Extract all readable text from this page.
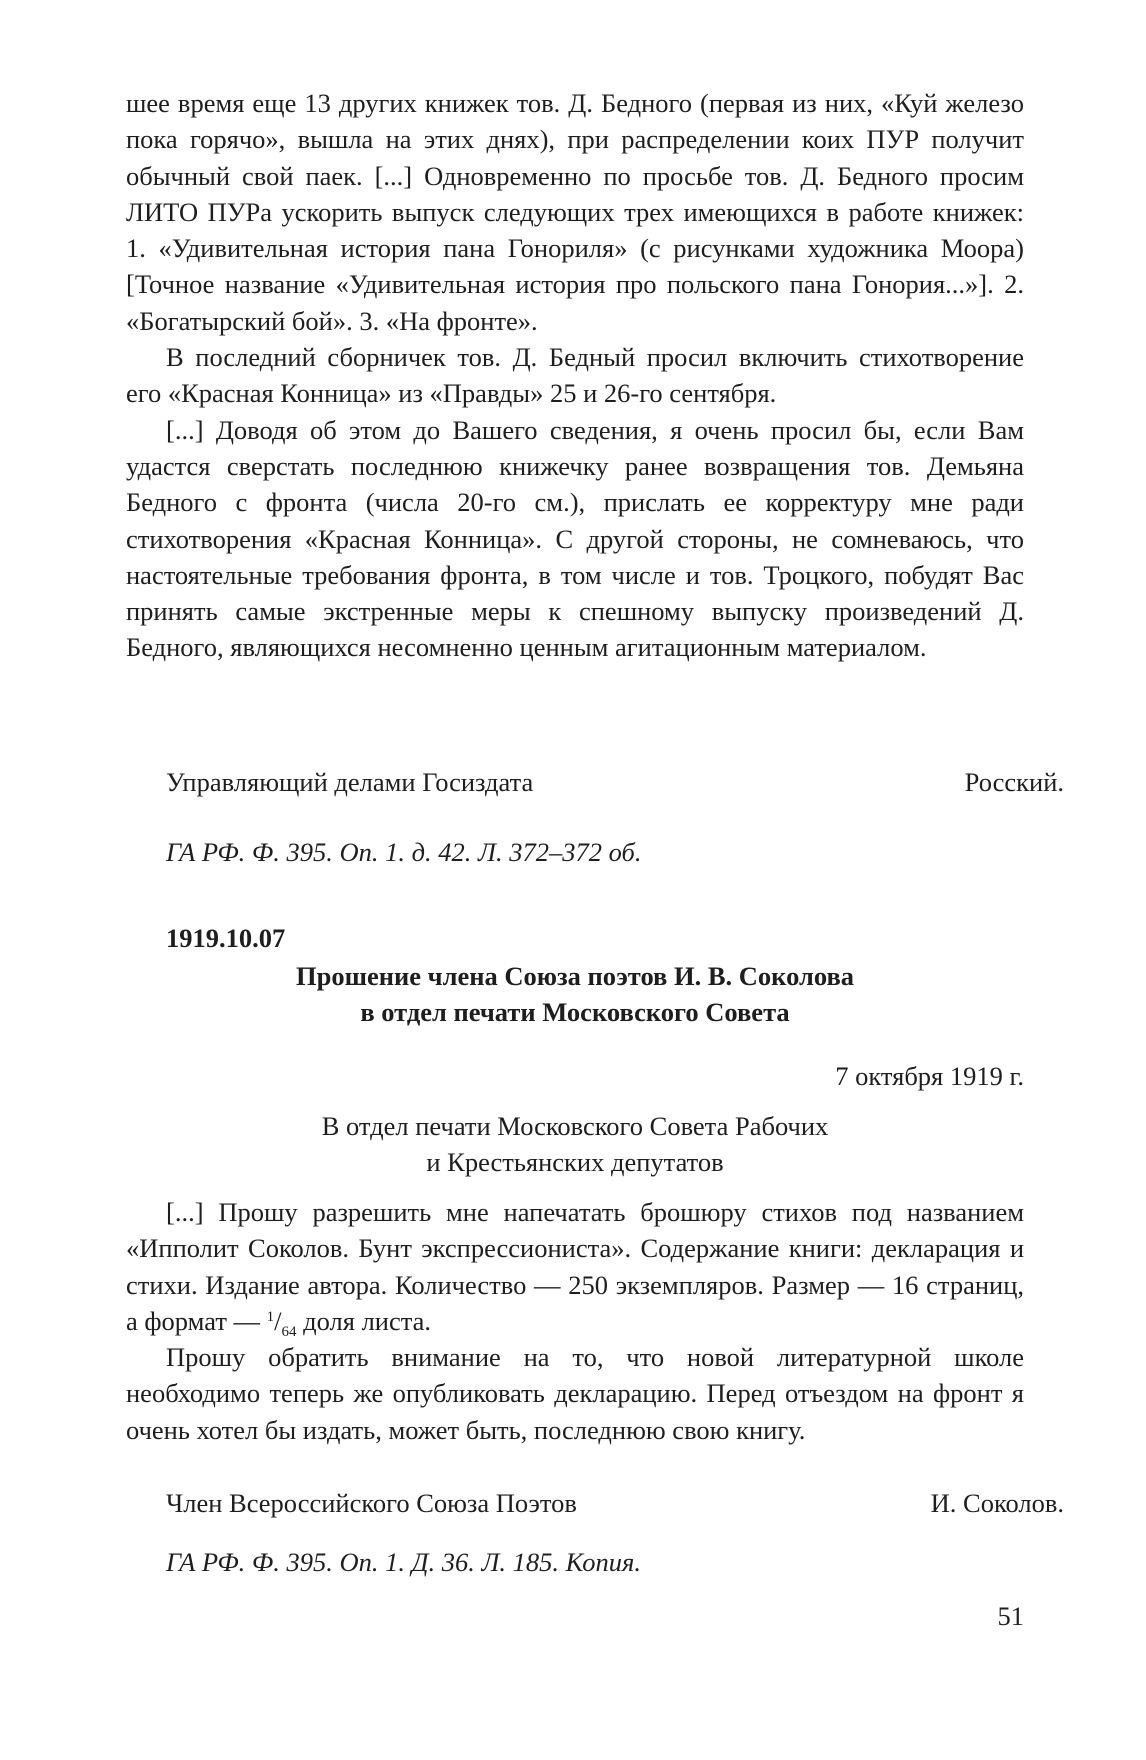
шее время еще 13 других книжек тов. Д. Бедного (первая из них, «Куй железо пока горячо», вышла на этих днях), при распределении коих ПУР получит обычный свой паек. [...] Одновременно по просьбе тов. Д. Бедного просим ЛИТО ПУРа ускорить выпуск следующих трех имеющихся в работе книжек: 1. «Удивительная история пана Гонориля» (с рисунками художника Моора) [Точное название «Удивительная история про польского пана Гонория...»]. 2. «Богатырский бой». 3. «На фронте».

В последний сборничек тов. Д. Бедный просил включить стихотворение его «Красная Конница» из «Правды» 25 и 26-го сентября.

[...] Доводя об этом до Вашего сведения, я очень просил бы, если Вам удастся сверстать последнюю книжечку ранее возвращения тов. Демьяна Бедного с фронта (числа 20-го см.), прислать ее корректуру мне ради стихотворения «Красная Конница». С другой стороны, не сомневаюсь, что настоятельные требования фронта, в том числе и тов. Троцкого, побудят Вас принять самые экстренные меры к спешному выпуску произведений Д. Бедного, являющихся несомненно ценным агитационным материалом.

Управляющий делами Госиздата	Росский.
ГА РФ. Ф. 395. Оп. 1. д. 42. Л. 372–372 об.
1919.10.07
Прошение члена Союза поэтов И. В. Соколова
в отдел печати Московского Совета
7 октября 1919 г.
В отдел печати Московского Совета Рабочих
и Крестьянских депутатов

[...] Прошу разрешить мне напечатать брошюру стихов под названием «Ипполит Соколов. Бунт экспрессиониста». Содержание книги: декларация и стихи. Издание автора. Количество — 250 экземпляров. Размер — 16 страниц, а формат — $^1/_{64}$ доля листа.

Прошу обратить внимание на то, что новой литературной школе необходимо теперь же опубликовать декларацию. Перед отъездом на фронт я очень хотел бы издать, может быть, последнюю свою книгу.

Член Всероссийского Союза Поэтов	И. Соколов.
ГА РФ. Ф. 395. Оп. 1. Д. 36. Л. 185. Копия.
51
